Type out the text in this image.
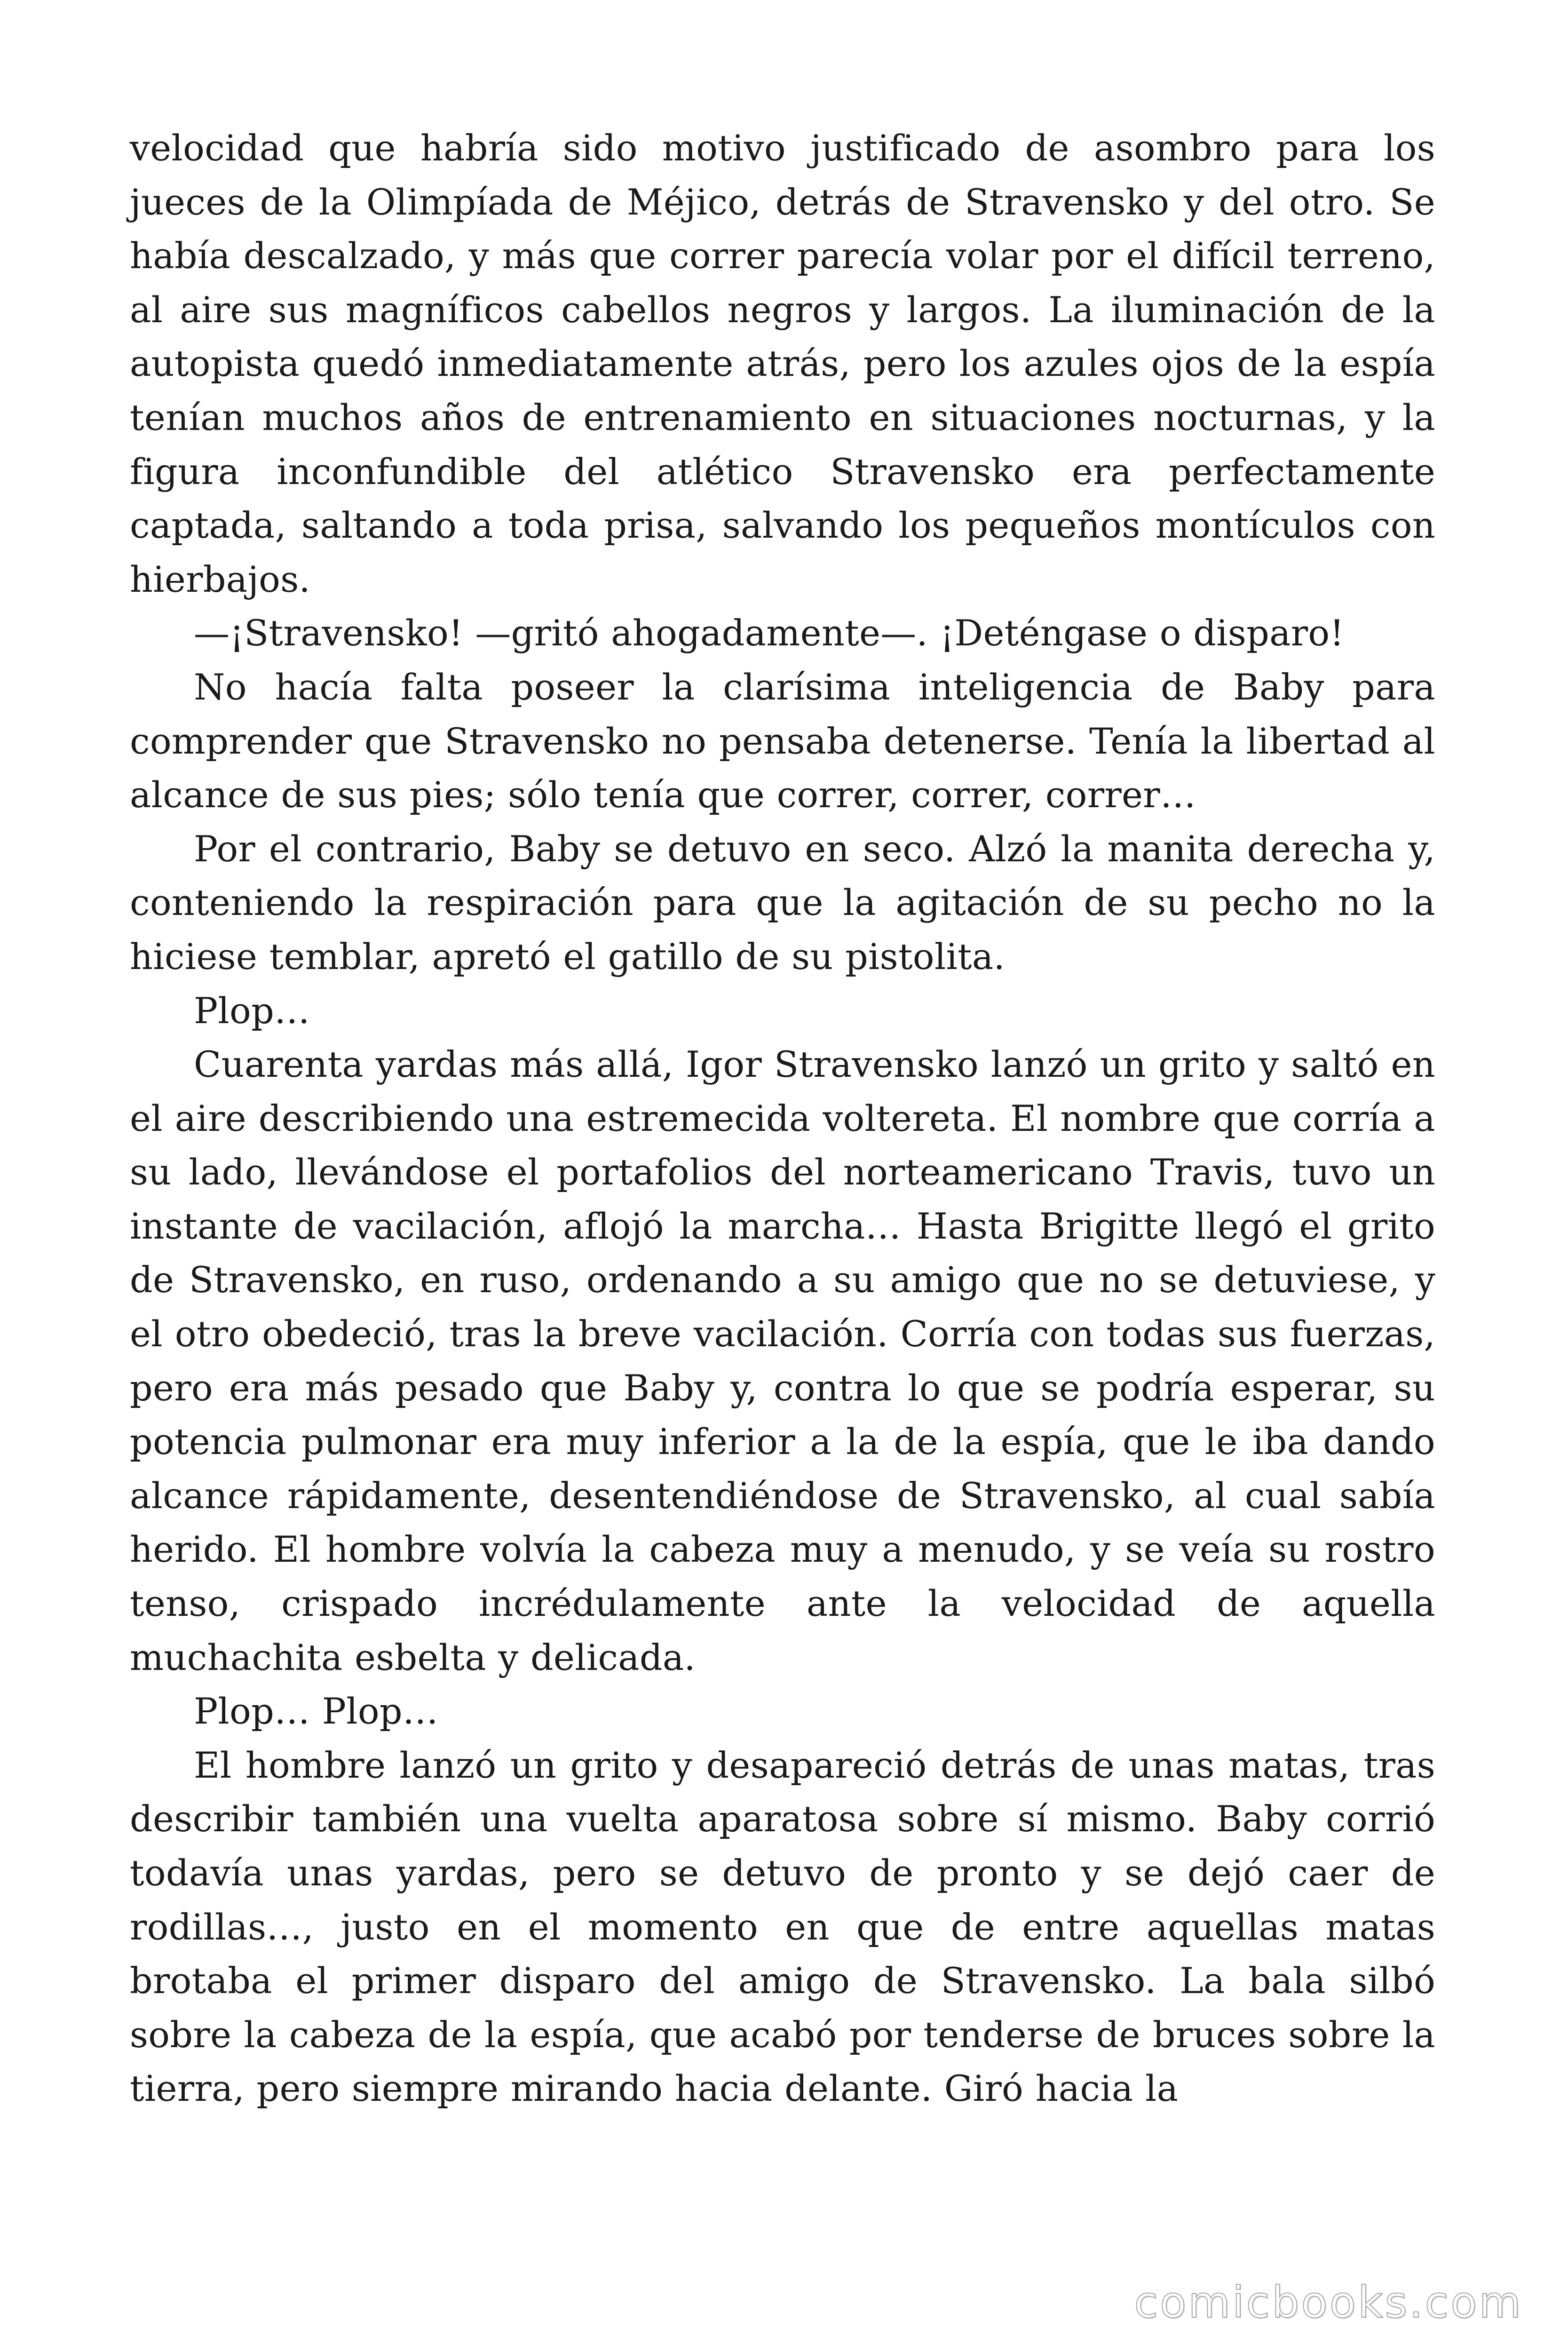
velocidad que habría sido motivo justificado de asombro para los jueces de la Olimpíada de Méjico, detrás de Stravensko y del otro. Se había descalzado, y más que correr parecía volar por el difícil terreno, al aire sus magníficos cabellos negros y largos. La iluminación de la autopista quedó inmediatamente atrás, pero los azules ojos de la espía tenían muchos años de entrenamiento en situaciones nocturnas, y la figura inconfundible del atlético Stravensko era perfectamente captada, saltando a toda prisa, salvando los pequeños montículos con hierbajos.

—¡Stravensko! —gritó ahogadamente—. ¡Deténgase o disparo!

No hacía falta poseer la clarísima inteligencia de Baby para comprender que Stravensko no pensaba detenerse. Tenía la libertad al alcance de sus pies; sólo tenía que correr, correr, correr…

Por el contrario, Baby se detuvo en seco. Alzó la manita derecha y, conteniendo la respiración para que la agitación de su pecho no la hiciese temblar, apretó el gatillo de su pistolita.

Plop…

Cuarenta yardas más allá, Igor Stravensko lanzó un grito y saltó en el aire describiendo una estremecida voltereta. El nombre que corría a su lado, llevándose el portafolios del norteamericano Travis, tuvo un instante de vacilación, aflojó la marcha… Hasta Brigitte llegó el grito de Stravensko, en ruso, ordenando a su amigo que no se detuviese, y el otro obedeció, tras la breve vacilación. Corría con todas sus fuerzas, pero era más pesado que Baby y, contra lo que se podría esperar, su potencia pulmonar era muy inferior a la de la espía, que le iba dando alcance rápidamente, desentendiéndose de Stravensko, al cual sabía herido. El hombre volvía la cabeza muy a menudo, y se veía su rostro tenso, crispado incrédulamente ante la velocidad de aquella muchachita esbelta y delicada.

Plop… Plop…

El hombre lanzó un grito y desapareció detrás de unas matas, tras describir también una vuelta aparatosa sobre sí mismo. Baby corrió todavía unas yardas, pero se detuvo de pronto y se dejó caer de rodillas…, justo en el momento en que de entre aquellas matas brotaba el primer disparo del amigo de Stravensko. La bala silbó sobre la cabeza de la espía, que acabó por tenderse de bruces sobre la tierra, pero siempre mirando hacia delante. Giró hacia la

comicbooks.com
